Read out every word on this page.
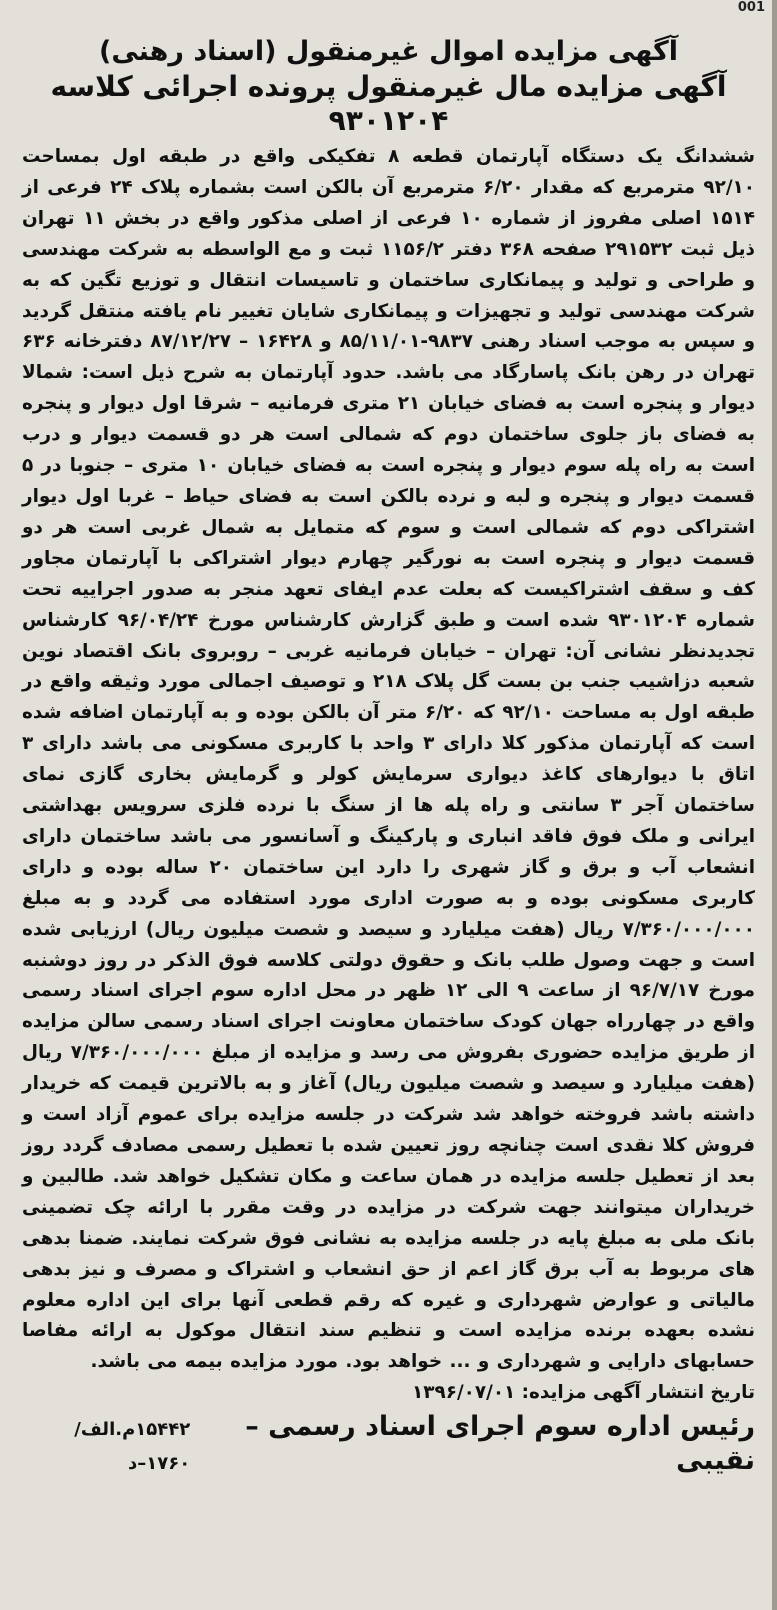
001
آگهی مزایده اموال غیرمنقول (اسناد رهنی)
آگهی مزایده مال غیرمنقول پرونده اجرائی کلاسه ۹۳۰۱۲۰۴

ششدانگ یک دستگاه آپارتمان قطعه ۸ تفکیکی واقع در طبقه اول بمساحت ۹۲/۱۰ مترمربع که مقدار ۶/۲۰ مترمربع آن بالکن است بشماره پلاک ۲۴ فرعی از ۱۵۱۴ اصلی مفروز از شماره ۱۰ فرعی از اصلی مذکور واقع در بخش ۱۱ تهران ذیل ثبت ۲۹۱۵۳۲ صفحه ۳۶۸ دفتر ۱۱۵۶/۲ ثبت و مع الواسطه به شرکت مهندسی و طراحی و تولید و پیمانکاری ساختمان و تاسیسات انتقال و توزیع تگین که به شرکت مهندسی تولید و تجهیزات و پیمانکاری شایان تغییر نام یافته منتقل گردید و سپس به موجب اسناد رهنی ۹۸۳۷-۸۵/۱۱/۰۱ و ۱۶۴۲۸ – ۸۷/۱۲/۲۷ دفترخانه ۶۳۶ تهران در رهن بانک پاسارگاد می باشد. حدود آپارتمان به شرح ذیل است: شمالا دیوار و پنجره است به فضای خیابان ۲۱ متری فرمانیه – شرقا اول دیوار و پنجره به فضای باز جلوی ساختمان دوم که شمالی است هر دو قسمت دیوار و درب است به راه پله سوم دیوار و پنجره است به فضای خیابان ۱۰ متری – جنوبا در ۵ قسمت دیوار و پنجره و لبه و نرده بالکن است به فضای حیاط – غربا اول دیوار اشتراکی دوم که شمالی است و سوم که متمایل به شمال غربی است هر دو قسمت دیوار و پنجره است به نورگیر چهارم دیوار اشتراکی با آپارتمان مجاور کف و سقف اشتراکیست که بعلت عدم ایفای تعهد منجر به صدور اجراییه تحت شماره ۹۳۰۱۲۰۴ شده است و طبق گزارش کارشناس مورخ ۹۶/۰۴/۲۴ کارشناس تجدیدنظر نشانی آن: تهران – خیابان فرمانیه غربی – روبروی بانک اقتصاد نوین شعبه دزاشیب جنب بن بست گل پلاک ۲۱۸ و توصیف اجمالی مورد وثیقه واقع در طبقه اول به مساحت ۹۲/۱۰ که ۶/۲۰ متر آن بالکن بوده و به آپارتمان اضافه شده است که آپارتمان مذکور کلا دارای ۳ واحد با کاربری مسکونی می باشد دارای ۳ اتاق با دیوارهای کاغذ دیواری سرمایش کولر و گرمایش بخاری گازی نمای ساختمان آجر ۳ سانتی و راه پله ها از سنگ با نرده فلزی سرویس بهداشتی ایرانی و ملک فوق فاقد انباری و پارکینگ و آسانسور می باشد ساختمان دارای انشعاب آب و برق و گاز شهری را دارد این ساختمان ۲۰ ساله بوده و دارای کاربری مسکونی بوده و به صورت اداری مورد استفاده می گردد و به مبلغ ۷/۳۶۰/۰۰۰/۰۰۰ ریال (هفت میلیارد و سیصد و شصت میلیون ریال) ارزیابی شده است و جهت وصول طلب بانک و حقوق دولتی کلاسه فوق الذکر در روز دوشنبه مورخ ۹۶/۷/۱۷ از ساعت ۹ الی ۱۲ ظهر در محل اداره سوم اجرای اسناد رسمی واقع در چهارراه جهان کودک ساختمان معاونت اجرای اسناد رسمی سالن مزایده از طریق مزایده حضوری بفروش می رسد و مزایده از مبلغ ۷/۳۶۰/۰۰۰/۰۰۰ ریال (هفت میلیارد و سیصد و شصت میلیون ریال) آغاز و به بالاترین قیمت که خریدار داشته باشد فروخته خواهد شد شرکت در جلسه مزایده برای عموم آزاد است و فروش کلا نقدی است چنانچه روز تعیین شده با تعطیل رسمی مصادف گردد روز بعد از تعطیل جلسه مزایده در همان ساعت و مکان تشکیل خواهد شد. طالبین و خریداران میتوانند جهت شرکت در مزایده در وقت مقرر با ارائه چک تضمینی بانک ملی به مبلغ پایه در جلسه مزایده به نشانی فوق شرکت نمایند. ضمنا بدهی های مربوط به آب برق گاز اعم از حق انشعاب و اشتراک و مصرف و نیز بدهی مالیاتی و عوارض شهرداری و غیره که رقم قطعی آنها برای این اداره معلوم نشده بعهده برنده مزایده است و تنظیم سند انتقال موکول به ارائه مفاصا حسابهای دارایی و شهرداری و ... خواهد بود. مورد مزایده بیمه می باشد.

تاریخ انتشار آگهی مزایده: ۱۳۹۶/۰۷/۰۱

رئیس اداره سوم اجرای اسناد رسمی – نقیبی
۱۵۴۴۲م.الف/۱۷۶۰–د
